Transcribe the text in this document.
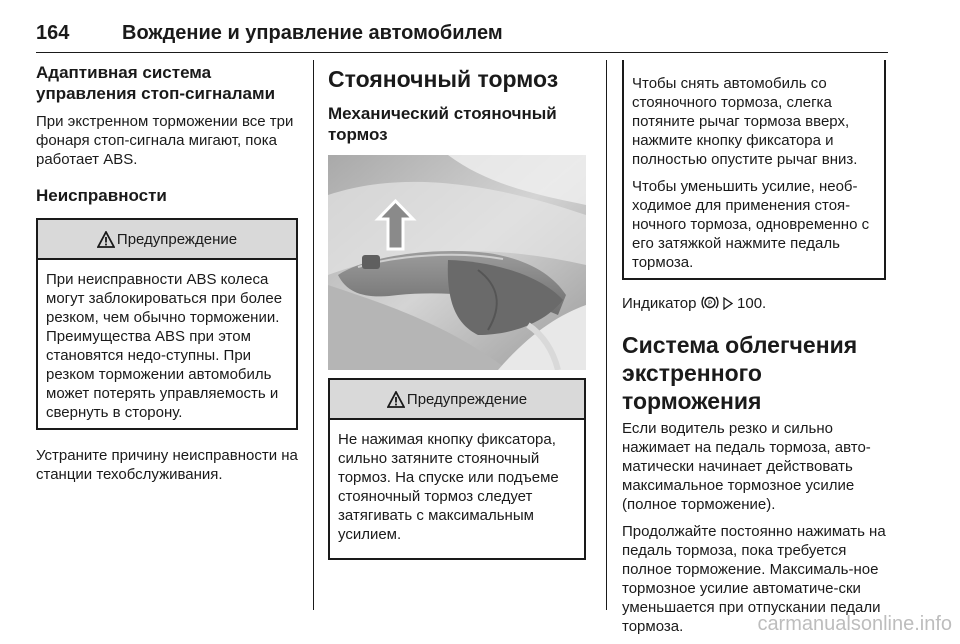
164	Вождение и управление автомобилем
Адаптивная система управления стоп-сигналами

При экстренном торможении все три фонаря стоп-сигнала мигают, пока работает ABS.

Неисправности
Предупреждение

При неисправности ABS колеса могут заблокироваться при более резком, чем обычно торможении. Преимущества ABS при этом становятся недо-ступны. При резком торможении автомобиль может потерять управляемость и свернуть в сторону.

Устраните причину неисправности на станции техобслуживания.

Стояночный тормоз
Механический стояночный тормоз
Предупреждение

Не нажимая кнопку фиксатора, сильно затяните стояночный тормоз. На спуске или подъеме стояночный тормоз следует затягивать с максимальным усилием.

Чтобы снять автомобиль со стояночного тормоза, слегка потяните рычаг тормоза вверх, нажмите кнопку фиксатора и полностью опустите рычаг вниз.

Чтобы уменьшить усилие, необ-ходимое для применения стоя-ночного тормоза, одновременно с его затяжкой нажмите педаль тормоза.

Индикатор P 100.

Система облегчения экстренного торможения

Если водитель резко и сильно нажимает на педаль тормоза, авто-матически начинает действовать максимальное тормозное усилие (полное торможение).

Продолжайте постоянно нажимать на педаль тормоза, пока требуется полное торможение. Максималь-ное тормозное усилие автоматиче-ски уменьшается при отпускании педали тормоза.	carmanualsonline.info
